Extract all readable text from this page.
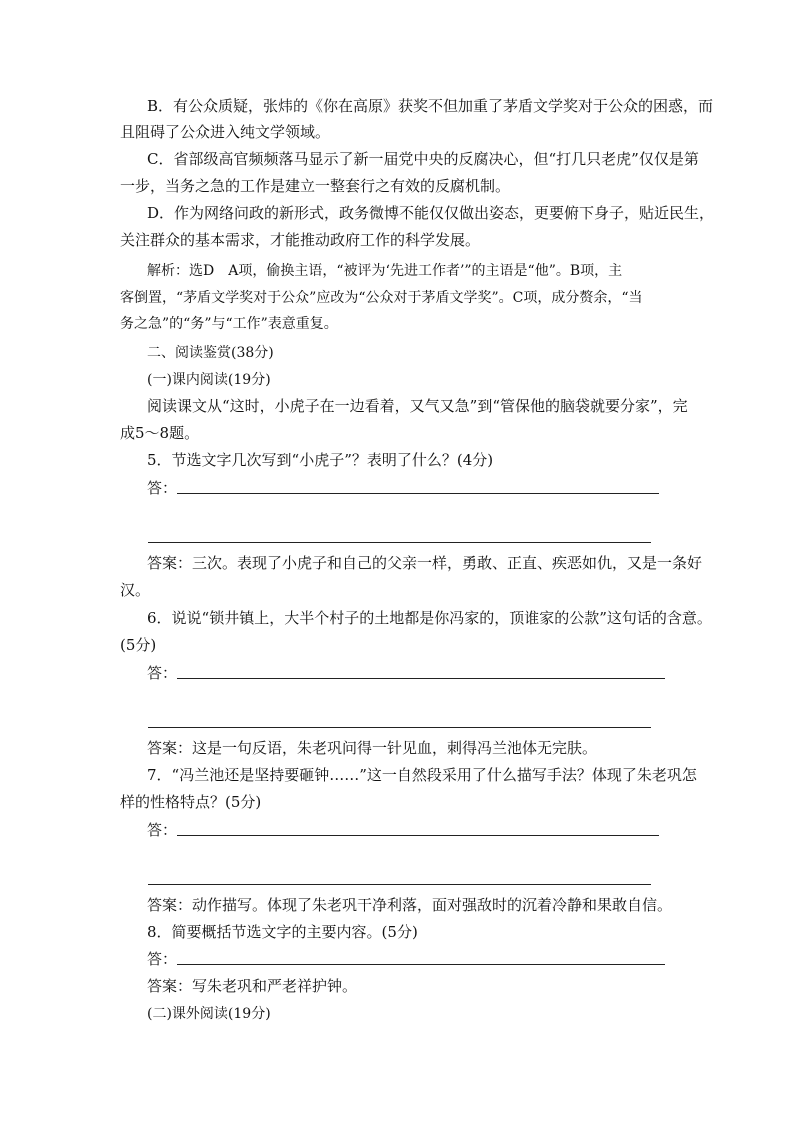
B．有公众质疑，张炜的《你在高原》获奖不但加重了茅盾文学奖对于公众的困惑，而
且阻碍了公众进入纯文学领域。
C．省部级高官频频落马显示了新一届党中央的反腐决心，但“打几只老虎”仅仅是第
一步，当务之急的工作是建立一整套行之有效的反腐机制。
D．作为网络问政的新形式，政务微博不能仅仅做出姿态，更要俯下身子，贴近民生，
关注群众的基本需求，才能推动政府工作的科学发展。
解析：选D　A项，偷换主语，“被评为‘先进工作者’”的主语是“他”。B项，主
客倒置，“茅盾文学奖对于公众”应改为“公众对于茅盾文学奖”。C项，成分赘余，“当
务之急”的“务”与“工作”表意重复。
二、阅读鉴赏(38分)
(一)课内阅读(19分)
阅读课文从“这时，小虎子在一边看着，又气又急”到“管保他的脑袋就要分家”，完
成5～8题。
5．节选文字几次写到“小虎子”？表明了什么？(4分)
答：
答案：三次。表现了小虎子和自己的父亲一样，勇敢、正直、疾恶如仇，又是一条好
汉。
6．说说“锁井镇上，大半个村子的土地都是你冯家的，顶谁家的公款”这句话的含意。
(5分)
答：
答案：这是一句反语，朱老巩问得一针见血，刺得冯兰池体无完肤。
7．“冯兰池还是坚持要砸钟……”这一自然段采用了什么描写手法？体现了朱老巩怎
样的性格特点？(5分)
答：
答案：动作描写。体现了朱老巩干净利落，面对强敌时的沉着冷静和果敢自信。
8．简要概括节选文字的主要内容。(5分)
答：
答案：写朱老巩和严老祥护钟。
(二)课外阅读(19分)
